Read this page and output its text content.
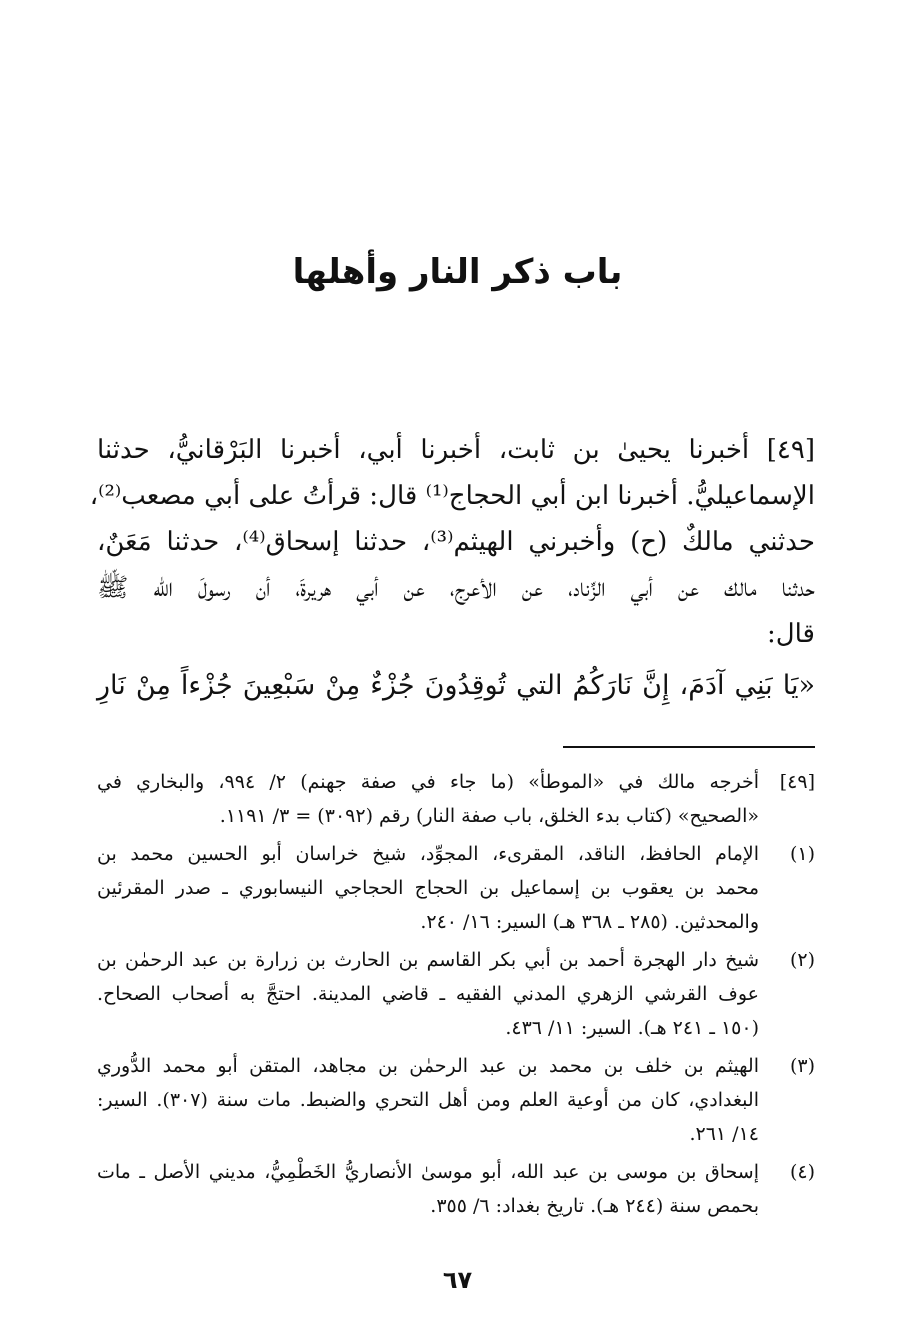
باب ذكر النار وأهلها
[٤٩] أخبرنا يحيىٰ بن ثابت، أخبرنا أبي، أخبرنا البَرْقانيُّ، حدثنا
الإسماعيليُّ. أخبرنا ابن أبي الحجاج⁽¹⁾ قال: قرأتُ على أبي مصعب⁽²⁾،
حدثني مالكٌ (ح) وأخبرني الهيثم⁽³⁾، حدثنا إسحاق⁽⁴⁾، حدثنا مَعَنٌ،
حدثنا مالك عن أبي الزِّناد، عن الأعرج، عن أبي هريرةَ، أن رسولَ الله ﷺ
قال:
«يَا بَنِي آدَمَ، إِنَّ نَارَكُمُ التي تُوقِدُونَ جُزْءٌ مِنْ سَبْعِينَ جُزْءاً مِنْ نَارِ
[٤٩]
أخرجه مالك في «الموطأ» (ما جاء في صفة جهنم) ٢/ ٩٩٤، والبخاري في
«الصحيح» (كتاب بدء الخلق، باب صفة النار) رقم (٣٠٩٢) = ٣/ ١١٩١.
(١)
الإمام الحافظ، الناقد، المقرىء، المجوِّد، شيخ خراسان أبو الحسين محمد بن
محمد بن يعقوب بن إسماعيل بن الحجاج الحجاجي النيسابوري ـ صدر المقرئين
والمحدثين. (٢٨٥ ـ ٣٦٨ هـ) السير: ١٦/ ٢٤٠.
(٢)
شيخ دار الهجرة أحمد بن أبي بكر القاسم بن الحارث بن زرارة بن عبد الرحمٰن بن
عوف القرشي الزهري المدني الفقيه ـ قاضي المدينة. احتجَّ به أصحاب الصحاح.
(١٥٠ ـ ٢٤١ هـ). السير: ١١/ ٤٣٦.
(٣)
الهيثم بن خلف بن محمد بن عبد الرحمٰن بن مجاهد، المتقن أبو محمد الدُّوري
البغدادي، كان من أوعية العلم ومن أهل التحري والضبط. مات سنة (٣٠٧). السير:
١٤/ ٢٦١.
(٤)
إسحاق بن موسى بن عبد الله، أبو موسىٰ الأنصاريُّ الخَطْمِيُّ، مديني الأصل ـ مات
بحمص سنة (٢٤٤ هـ). تاريخ بغداد: ٦/ ٣٥٥.
٦٧
